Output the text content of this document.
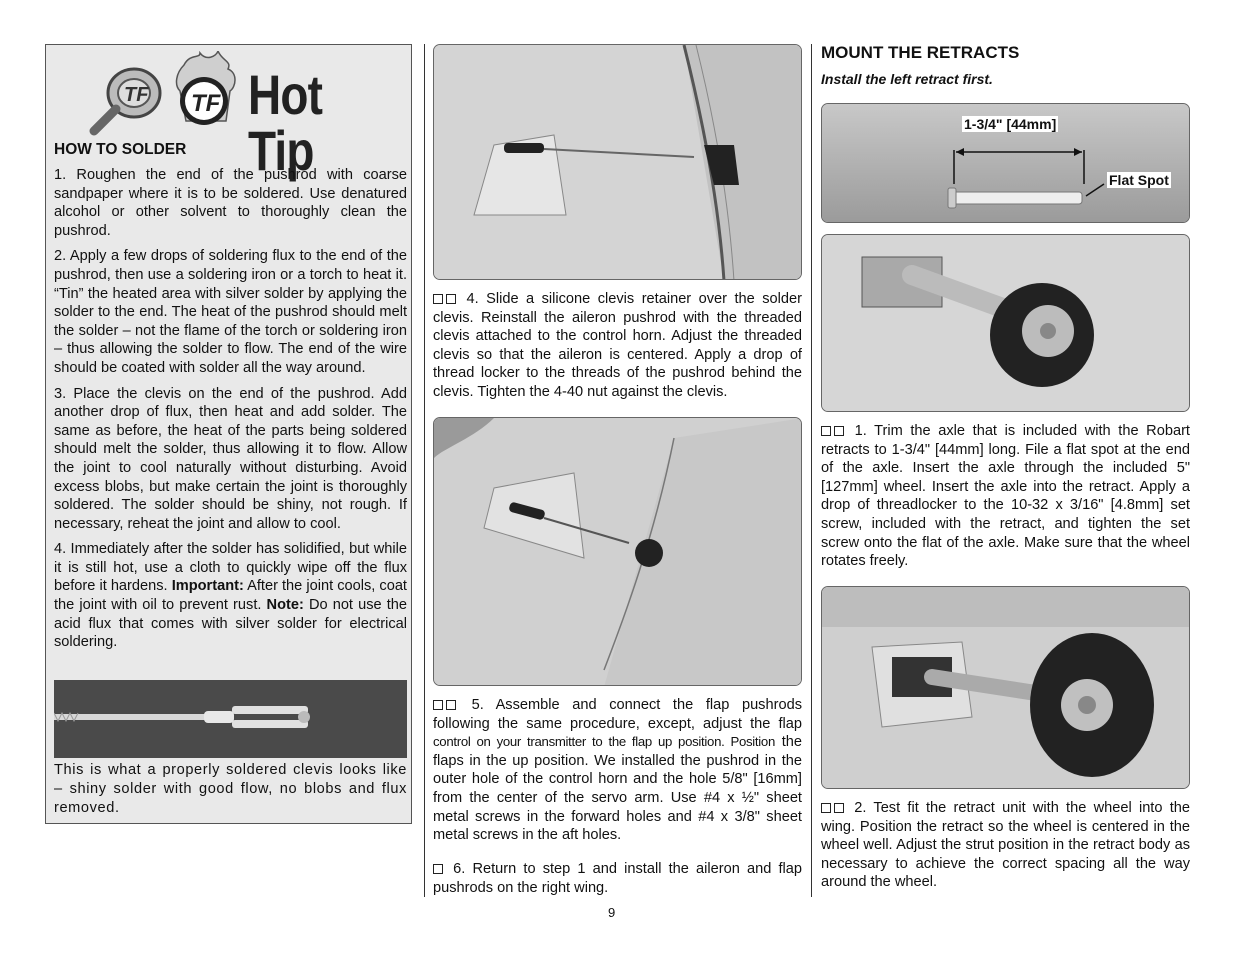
TF TF Hot Tip
HOW TO SOLDER

1. Roughen the end of the pushrod with coarse sandpaper where it is to be soldered. Use denatured alcohol or other solvent to thoroughly clean the pushrod.

2. Apply a few drops of soldering flux to the end of the pushrod, then use a soldering iron or a torch to heat it. “Tin” the heated area with silver solder by applying the solder to the end. The heat of the pushrod should melt the solder – not the flame of the torch or soldering iron – thus allowing the solder to flow. The end of the wire should be coated with solder all the way around.

3. Place the clevis on the end of the pushrod. Add another drop of flux, then heat and add solder. The same as before, the heat of the parts being soldered should melt the solder, thus allowing it to flow. Allow the joint to cool naturally without disturbing. Avoid excess blobs, but make certain the joint is thoroughly soldered. The solder should be shiny, not rough. If necessary, reheat the joint and allow to cool.

4. Immediately after the solder has solidified, but while it is still hot, use a cloth to quickly wipe off the flux before it hardens. Important: After the joint cools, coat the joint with oil to prevent rust. Note: Do not use the acid flux that comes with silver solder for electrical soldering.

This is what a properly soldered clevis looks like – shiny solder with good flow, no blobs and flux removed.

4. Slide a silicone clevis retainer over the solder clevis. Reinstall the aileron pushrod with the threaded clevis attached to the control horn. Adjust the threaded clevis so that the aileron is centered. Apply a drop of thread locker to the threads of the pushrod behind the clevis. Tighten the 4-40 nut against the clevis.

5. Assemble and connect the flap pushrods following the same procedure, except, adjust the flap control on your transmitter to the flap up position. Position the flaps in the up position. We installed the pushrod in the outer hole of the control horn and the hole 5/8" [16mm] from the center of the servo arm. Use #4 x ½" sheet metal screws in the forward holes and #4 x 3/8" sheet metal screws in the aft holes.

6. Return to step 1 and install the aileron and flap pushrods on the right wing.

MOUNT THE RETRACTS
Install the left retract first.
1-3/4" [44mm]
Flat Spot

1. Trim the axle that is included with the Robart retracts to 1-3/4" [44mm] long. File a flat spot at the end of the axle. Insert the axle through the included 5" [127mm] wheel. Insert the axle into the retract. Apply a drop of threadlocker to the 10-32 x 3/16" [4.8mm] set screw, included with the retract, and tighten the set screw onto the flat of the axle. Make sure that the wheel rotates freely.

2. Test fit the retract unit with the wheel into the wing. Position the retract so the wheel is centered in the wheel well. Adjust the strut position in the retract body as necessary to achieve the correct spacing all the way around the wheel.

9
